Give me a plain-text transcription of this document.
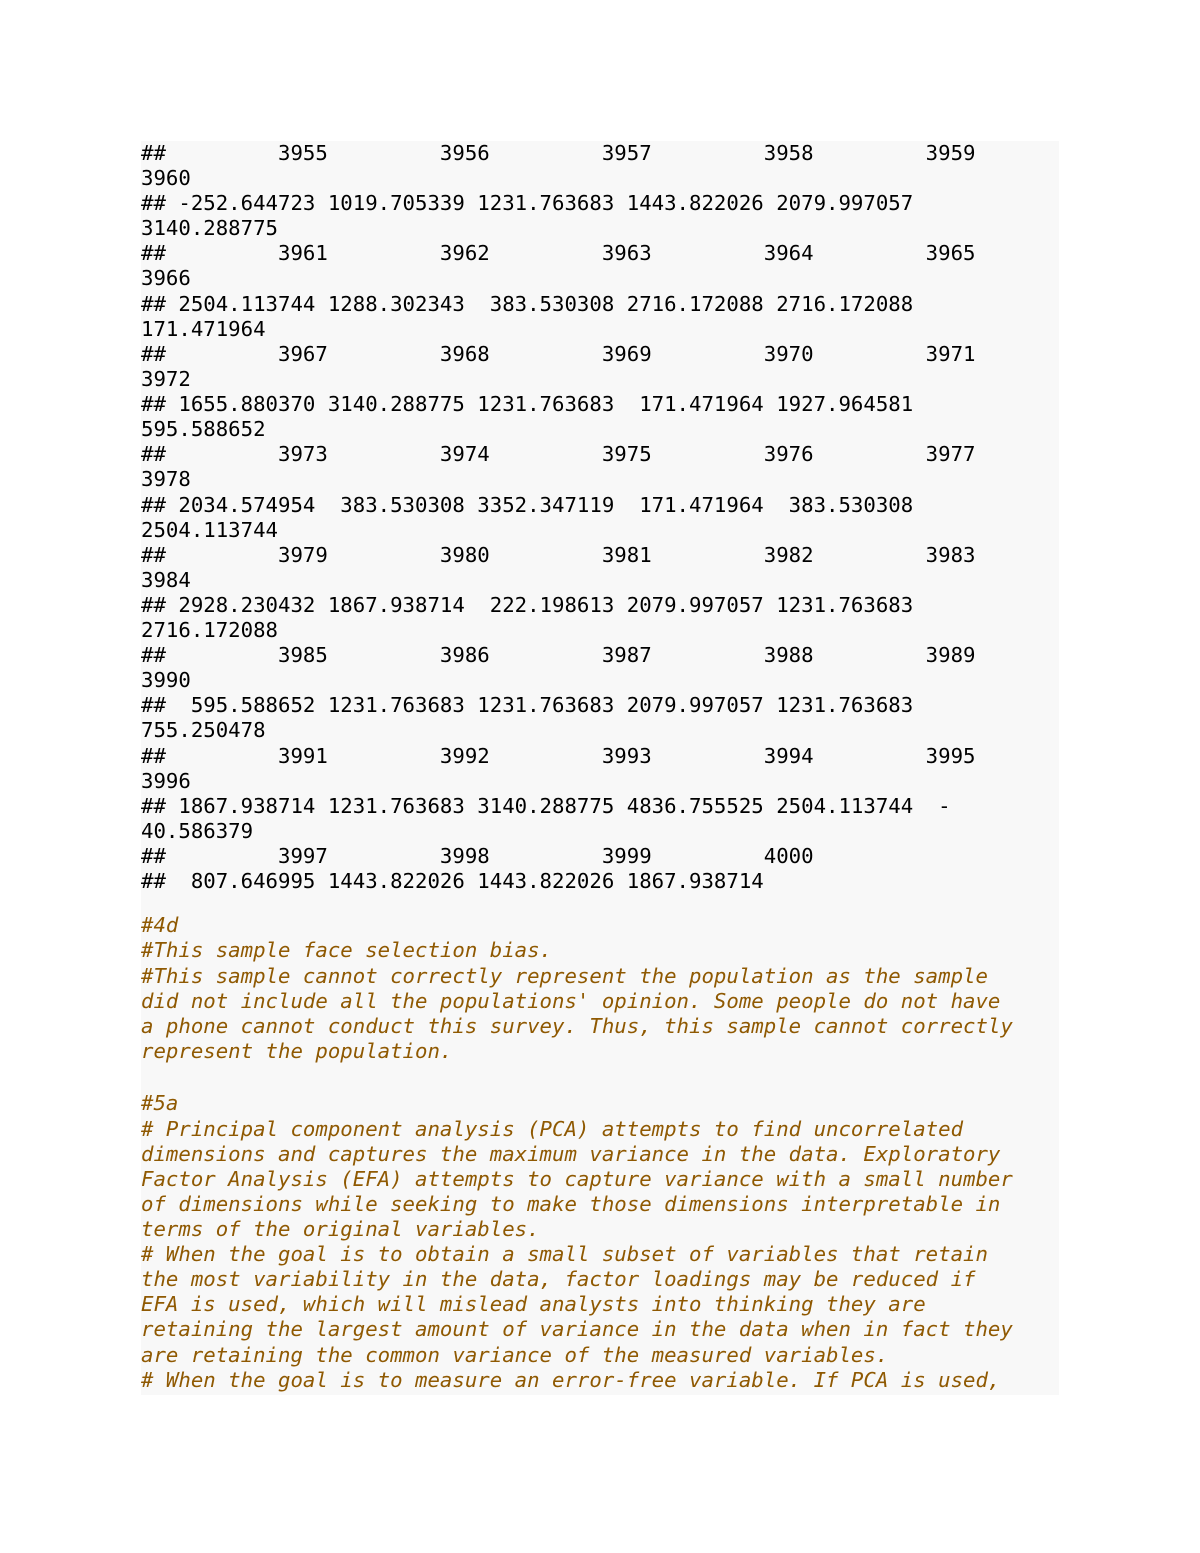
##         3955         3956         3957         3958         3959
3960
## -252.644723 1019.705339 1231.763683 1443.822026 2079.997057
3140.288775
##         3961         3962         3963         3964         3965
3966
## 2504.113744 1288.302343  383.530308 2716.172088 2716.172088
171.471964
##         3967         3968         3969         3970         3971
3972
## 1655.880370 3140.288775 1231.763683  171.471964 1927.964581
595.588652
##         3973         3974         3975         3976         3977
3978
## 2034.574954  383.530308 3352.347119  171.471964  383.530308
2504.113744
##         3979         3980         3981         3982         3983
3984
## 2928.230432 1867.938714  222.198613 2079.997057 1231.763683
2716.172088
##         3985         3986         3987         3988         3989
3990
##  595.588652 1231.763683 1231.763683 2079.997057 1231.763683
755.250478
##         3991         3992         3993         3994         3995
3996
## 1867.938714 1231.763683 3140.288775 4836.755525 2504.113744  -
40.586379
##         3997         3998         3999         4000
##  807.646995 1443.822026 1443.822026 1867.938714
#4d
#This sample face selection bias.
#This sample cannot correctly represent the population as the sample
did not include all the populations' opinion. Some people do not have
a phone cannot conduct this survey. Thus, this sample cannot correctly
represent the population.
#5a
# Principal component analysis (PCA) attempts to find uncorrelated
dimensions and captures the maximum variance in the data. Exploratory
Factor Analysis (EFA) attempts to capture variance with a small number
of dimensions while seeking to make those dimensions interpretable in
terms of the original variables.
# When the goal is to obtain a small subset of variables that retain
the most variability in the data, factor loadings may be reduced if
EFA is used, which will mislead analysts into thinking they are
retaining the largest amount of variance in the data when in fact they
are retaining the common variance of the measured variables.
# When the goal is to measure an error-free variable. If PCA is used,
